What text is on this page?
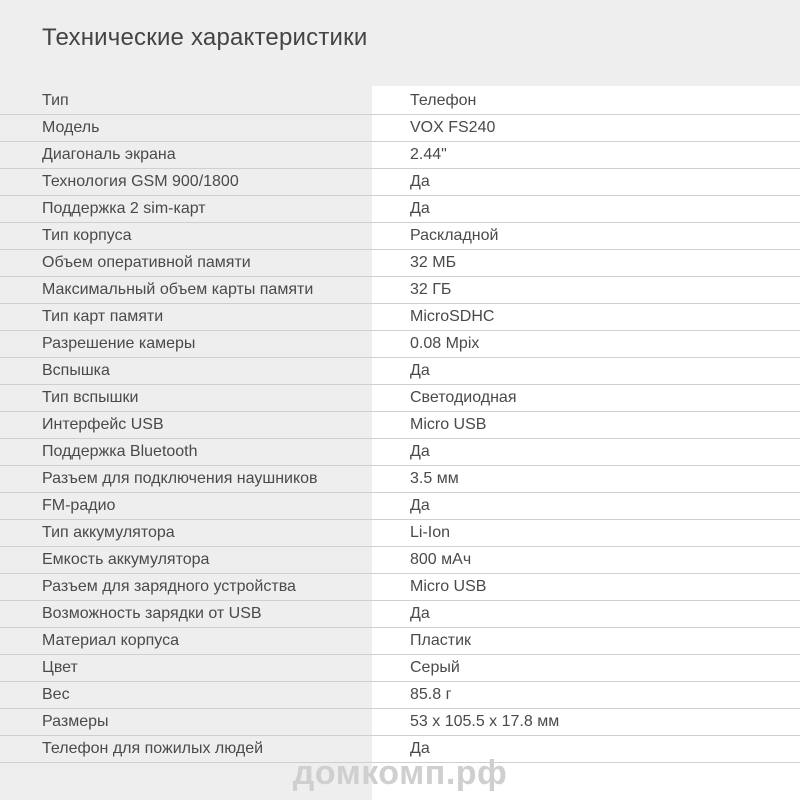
Технические характеристики
Тип	Телефон
Модель	VOX FS240
Диагональ экрана	2.44"
Технология GSM 900/1800	Да
Поддержка 2 sim-карт	Да
Тип корпуса	Раскладной
Объем оперативной памяти	32 МБ
Максимальный объем карты памяти	32 ГБ
Тип карт памяти	MicroSDHC
Разрешение камеры	0.08 Mpix
Вспышка	Да
Тип вспышки	Светодиодная
Интерфейс USB	Micro USB
Поддержка Bluetooth	Да
Разъем для подключения наушников	3.5 мм
FM-радио	Да
Тип аккумулятора	Li-Ion
Емкость аккумулятора	800 мАч
Разъем для зарядного устройства	Micro USB
Возможность зарядки от USB	Да
Материал корпуса	Пластик
Цвет	Серый
Вес	85.8 г
Размеры	53 x 105.5 x 17.8 мм
Телефон для пожилых людей	Да
домкомп.рф
